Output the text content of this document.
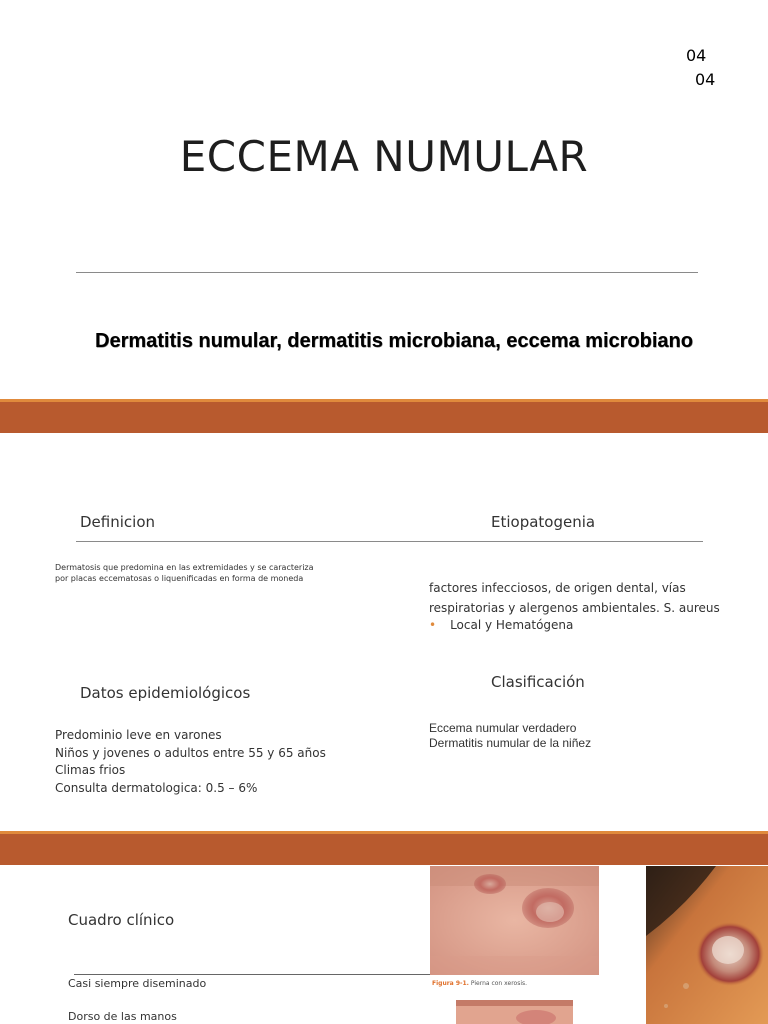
04
04
ECCEMA NUMULAR
Dermatitis numular, dermatitis microbiana, eccema microbiano
Definicion	Etiopatogenia
Dermatosis que predomina en las extremidades y se caracteriza
por placas eccematosas o liquenificadas en forma de moneda
factores infecciosos, de origen dental, vías
respiratorias y alergenos ambientales. S. aureus
• Local y Hematógena
Datos epidemiológicos
Clasificación
Predominio leve en varones
Niños y jovenes o adultos entre 55 y 65 años
Climas frios
Consulta dermatologica: 0.5 – 6%
Eccema numular verdadero
Dermatitis numular de la niñez
Cuadro clínico
Casi siempre diseminado
Dorso de las manos
Figura 9-1. Pierna con xerosis.
